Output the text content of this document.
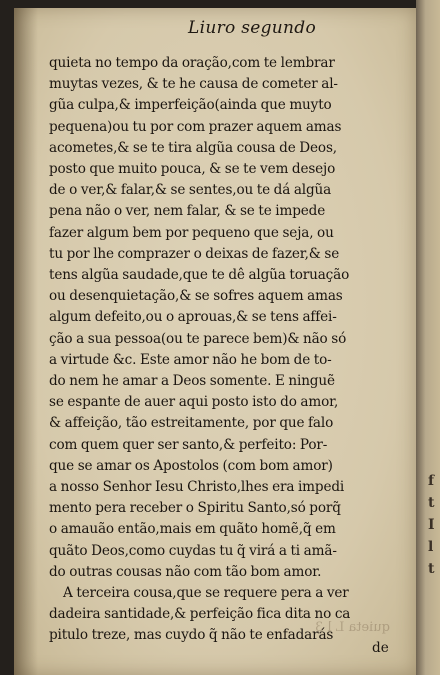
f
t
I
l
t
Liuro segundo
quieta no tempo da oração,com te lembrar
muytas vezes, & te he causa de cometer al-
gũa culpa,& imperfeição(ainda que muyto
pequena)ou tu por com prazer aquem amas
acometes,& se te tira algũa cousa de Deos,
posto que muito pouca, & se te vem desejo
de o ver,& falar,& se sentes,ou te dá algũa
pena não o ver, nem falar, & se te impede
fazer algum bem por pequeno que seja, ou
tu por lhe comprazer o deixas de fazer,& se
tens algũa saudade,que te dê algũa toruação
ou desenquietação,& se sofres aquem amas
algum defeito,ou o aprouas,& se tens affei-
ção a sua pessoa(ou te parece bem)& não só
a virtude &c. Este amor não he bom de to-
do nem he amar a Deos somente. E ninguẽ
se espante de auer aqui posto isto do amor,
& affeição, tão estreitamente, por que falo
com quem quer ser santo,& perfeito: Por-
que se amar os Apostolos (com bom amor)
a nosso Senhor Iesu Christo,lhes era impedi
mento pera receber o Spiritu Santo,só porq̃
o amauão então,mais em quãto homẽ,q̃ em
quãto Deos,como cuydas tu q̃ virá a ti amã-
do outras cousas não com tão bom amor.
A terceira cousa,que se requere pera a ver
dadeira santidade,& perfeição fica dita no ca
pitulo treze, mas cuydo q̃ não te enfadarás
quieta L l 3
de
